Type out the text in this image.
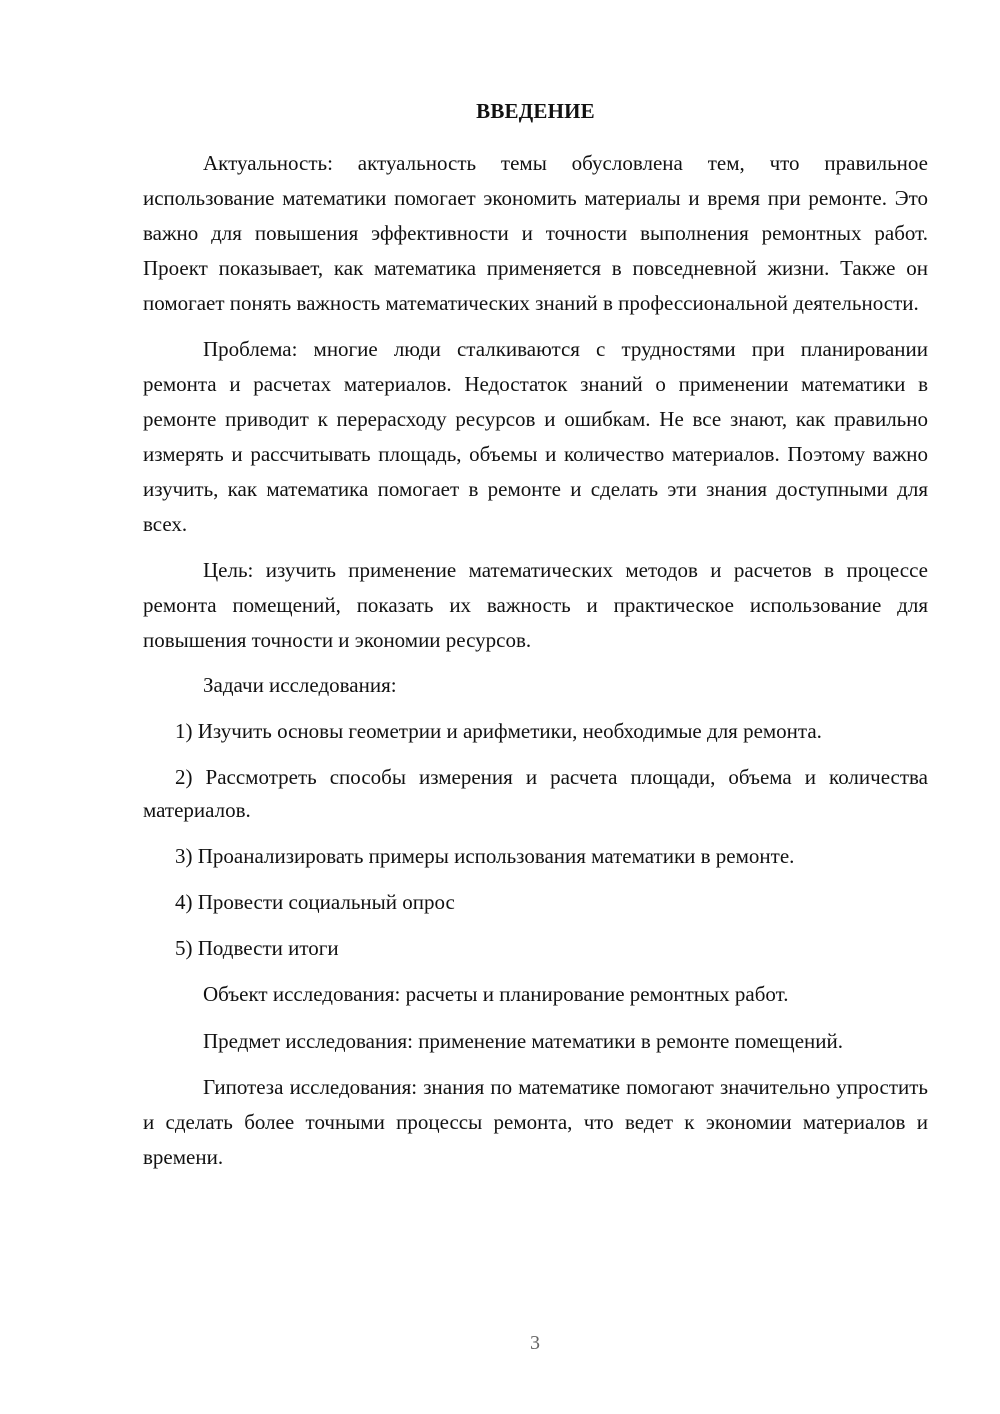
ВВЕДЕНИЕ

Актуальность: актуальность темы обусловлена тем, что правильное использование математики помогает экономить материалы и время при ремонте. Это важно для повышения эффективности и точности выполнения ремонтных работ. Проект показывает, как математика применяется в повседневной жизни. Также он помогает понять важность математических знаний в профессиональной деятельности.

Проблема: многие люди сталкиваются с трудностями при планировании ремонта и расчетах материалов. Недостаток знаний о применении математики в ремонте приводит к перерасходу ресурсов и ошибкам. Не все знают, как правильно измерять и рассчитывать площадь, объемы и количество материалов. Поэтому важно изучить, как математика помогает в ремонте и сделать эти знания доступными для всех.

Цель: изучить применение математических методов и расчетов в процессе ремонта помещений, показать их важность и практическое использование для повышения точности и экономии ресурсов.

Задачи исследования:

1) Изучить основы геометрии и арифметики, необходимые для ремонта.

2) Рассмотреть способы измерения и расчета площади, объема и количества материалов.

3) Проанализировать примеры использования математики в ремонте.

4) Провести социальный опрос

5) Подвести итоги

Объект исследования: расчеты и планирование ремонтных работ.

Предмет исследования: применение математики в ремонте помещений.

Гипотеза исследования: знания по математике помогают значительно упростить и сделать более точными процессы ремонта, что ведет к экономии материалов и времени.

3
